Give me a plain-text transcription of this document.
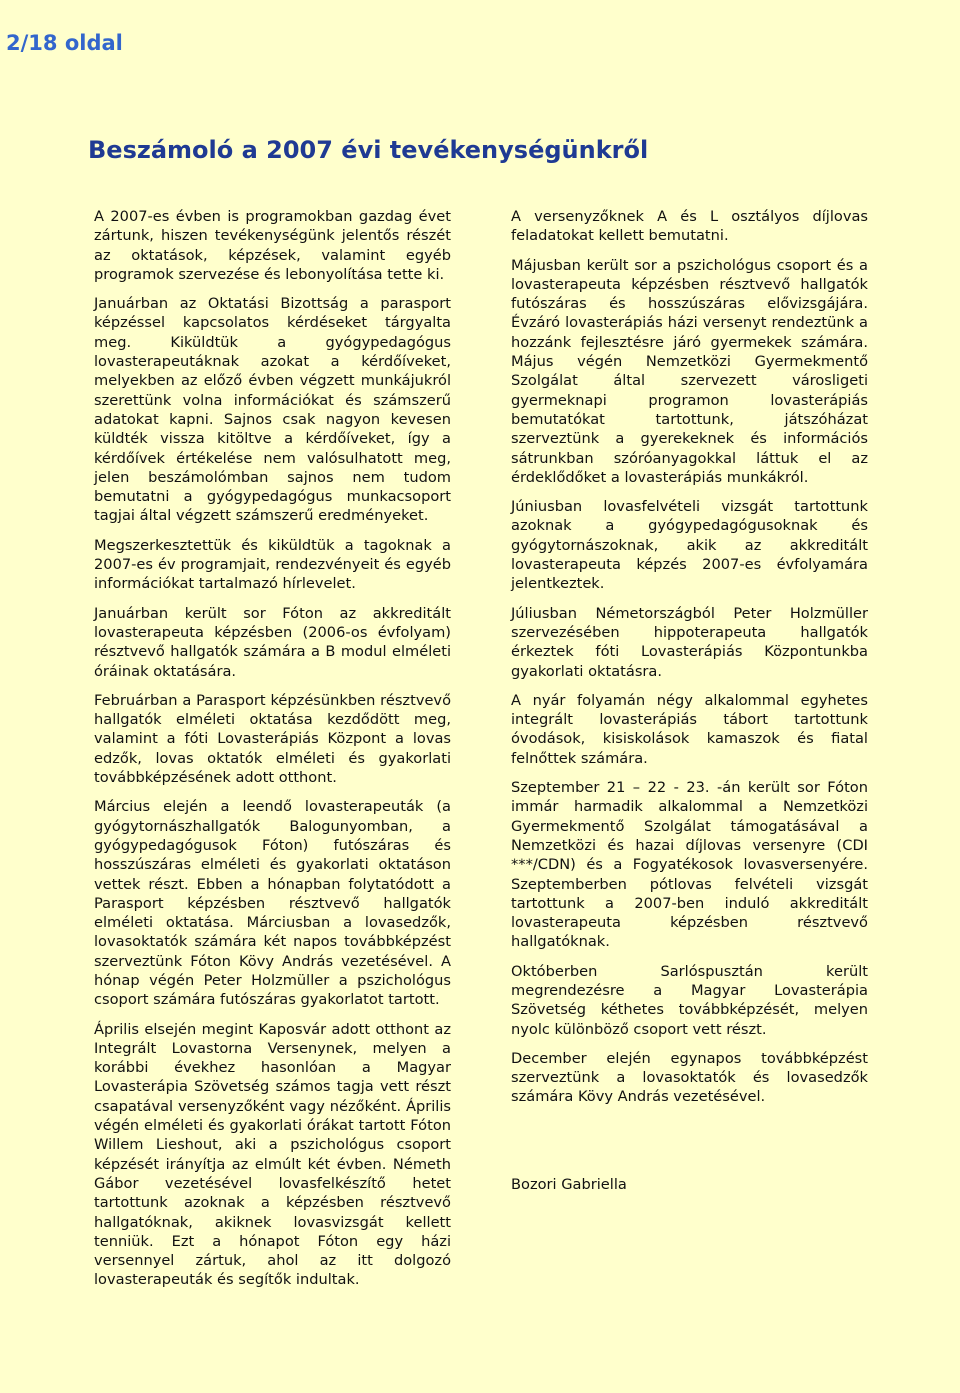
2/18 oldal
Beszámoló a 2007 évi tevékenységünkről

A 2007-es évben is programokban gazdag évet zártunk, hiszen tevékenységünk jelentős részét az oktatások, képzések, valamint egyéb programok szervezése és lebonyolítása tette ki.

Januárban az Oktatási Bizottság a parasport képzéssel kapcsolatos kérdéseket tárgyalta meg. Kiküldtük a gyógypedagógus lovasterapeutáknak azokat a kérdőíveket, melyekben az előző évben végzett munkájukról szerettünk volna információkat és számszerű adatokat kapni. Sajnos csak nagyon kevesen küldték vissza kitöltve a kérdőíveket, így a kérdőívek értékelése nem valósulhatott meg, jelen beszámolómban sajnos nem tudom bemutatni a gyógypedagógus munkacsoport tagjai által végzett számszerű eredményeket.

Megszerkesztettük és kiküldtük a tagoknak a 2007-es év programjait, rendezvényeit és egyéb információkat tartalmazó hírlevelet.

Januárban került sor Fóton az akkreditált lovasterapeuta képzésben (2006-os évfolyam) résztvevő hallgatók számára a B modul elméleti óráinak oktatására.

Februárban a Parasport képzésünkben résztvevő hallgatók elméleti oktatása kezdődött meg, valamint a fóti Lovasterápiás Központ a lovas edzők, lovas oktatók elméleti és gyakorlati továbbképzésének adott otthont.

Március elején a leendő lovasterapeuták (a gyógytornászhallgatók Balogunyomban, a gyógypedagógusok Fóton) futószáras és hosszúszáras elméleti és gyakorlati oktatáson vettek részt. Ebben a hónapban folytatódott a Parasport képzésben résztvevő hallgatók elméleti oktatása. Márciusban a lovasedzők, lovasoktatók számára két napos továbbképzést szerveztünk Fóton Kövy András vezetésével. A hónap végén Peter Holzmüller a pszichológus csoport számára futószáras gyakorlatot tartott.

Április elsején megint Kaposvár adott otthont az Integrált Lovastorna Versenynek, melyen a korábbi évekhez hasonlóan a Magyar Lovasterápia Szövetség számos tagja vett részt csapatával versenyzőként vagy nézőként. Április végén elméleti és gyakorlati órákat tartott Fóton Willem Lieshout, aki a pszichológus csoport képzését irányítja az elmúlt két évben. Németh Gábor vezetésével lovasfelkészítő hetet tartottunk azoknak a képzésben résztvevő hallgatóknak, akiknek lovasvizsgát kellett tenniük. Ezt a hónapot Fóton egy házi versennyel zártuk, ahol az itt dolgozó lovasterapeuták és segítők indultak.

A versenyzőknek A és L osztályos díjlovas feladatokat kellett bemutatni.

Májusban került sor a pszichológus csoport és a lovasterapeuta képzésben résztvevő hallgatók futószáras és hosszúszáras elővizsgájára. Évzáró lovasterápiás házi versenyt rendeztünk a hozzánk fejlesztésre járó gyermekek számára. Május végén Nemzetközi Gyermekmentő Szolgálat által szervezett városligeti gyermeknapi programon lovasterápiás bemutatókat tartottunk, játszóházat szerveztünk a gyerekeknek és információs sátrunkban szóróanyagokkal láttuk el az érdeklődőket a lovasterápiás munkákról.

Júniusban lovasfelvételi vizsgát tartottunk azoknak a gyógypedagógusoknak és gyógytornászoknak, akik az akkreditált lovasterapeuta képzés 2007-es évfolyamára jelentkeztek.

Júliusban Németországból Peter Holzmüller szervezésében hippoterapeuta hallgatók érkeztek fóti Lovasterápiás Központunkba gyakorlati oktatásra.

A nyár folyamán négy alkalommal egyhetes integrált lovasterápiás tábort tartottunk óvodások, kisiskolások kamaszok és fiatal felnőttek számára.

Szeptember 21 – 22 - 23. -án került sor Fóton immár harmadik alkalommal a Nemzetközi Gyermekmentő Szolgálat támogatásával a Nemzetközi és hazai díjlovas versenyre (CDI ***/CDN) és a Fogyatékosok lovasversenyére. Szeptemberben pótlovas felvételi vizsgát tartottunk a 2007-ben induló akkreditált lovasterapeuta képzésben résztvevő hallgatóknak.

Októberben Sarlóspusztán került megrendezésre a Magyar Lovasterápia Szövetség kéthetes továbbképzését, melyen nyolc különböző csoport vett részt.

December elején egynapos továbbképzést szerveztünk a lovasoktatók és lovasedzők számára Kövy András vezetésével.

Bozori Gabriella
